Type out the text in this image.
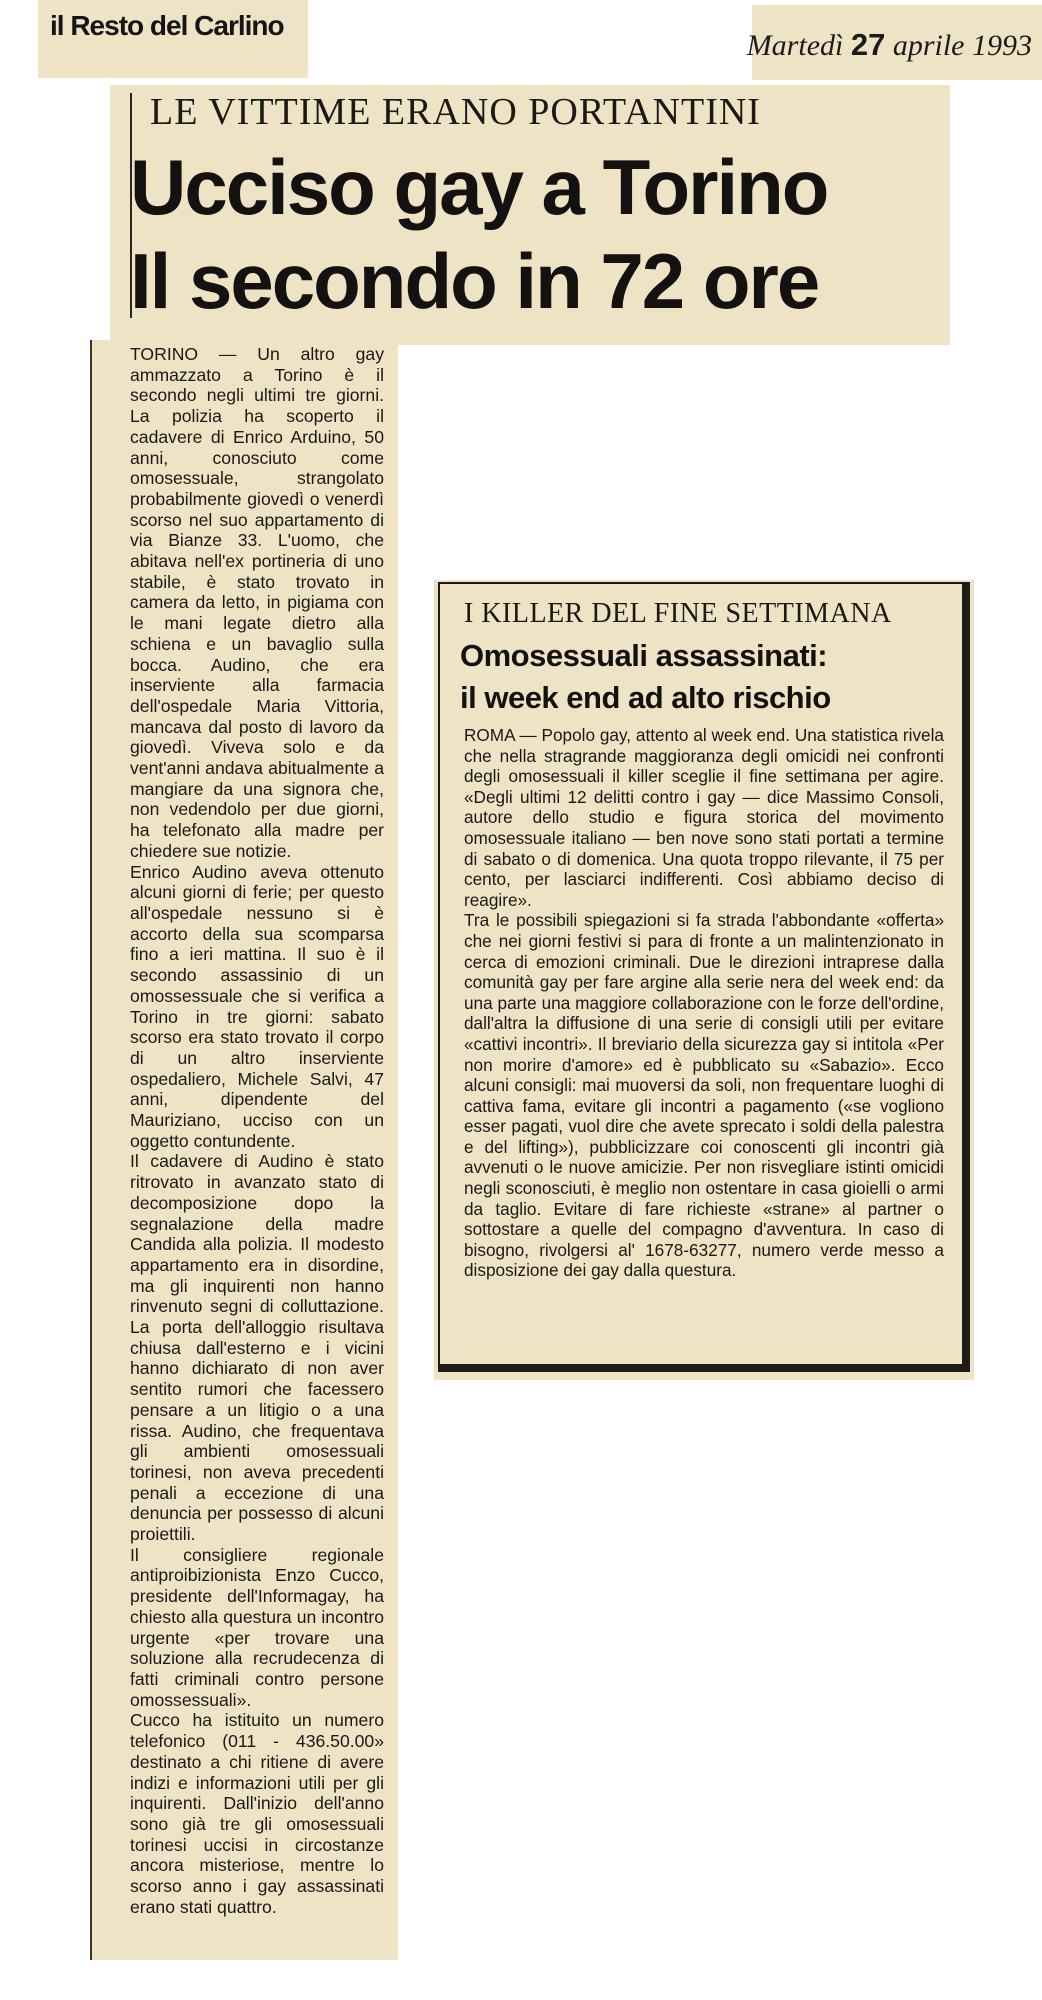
il Resto del Carlino
Martedì 27 aprile 1993
LE VITTIME ERANO PORTANTINI
Ucciso gay a Torino
Il secondo in 72 ore

TORINO — Un altro gay ammazzato a Torino è il secondo negli ultimi tre giorni. La polizia ha scoperto il cadavere di Enrico Arduino, 50 anni, conosciuto come omosessuale, strangolato probabilmente giovedì o venerdì scorso nel suo appartamento di via Bianze 33. L'uomo, che abitava nell'ex portineria di uno stabile, è stato trovato in camera da letto, in pigiama con le mani legate dietro alla schiena e un bavaglio sulla bocca. Audino, che era inserviente alla farmacia dell'ospedale Maria Vittoria, mancava dal posto di lavoro da giovedì. Viveva solo e da vent'anni andava abitualmente a mangiare da una signora che, non vedendolo per due giorni, ha telefonato alla madre per chiedere sue notizie.

Enrico Audino aveva ottenuto alcuni giorni di ferie; per questo all'ospedale nessuno si è accorto della sua scomparsa fino a ieri mattina. Il suo è il secondo assassinio di un omossessuale che si verifica a Torino in tre giorni: sabato scorso era stato trovato il corpo di un altro inserviente ospedaliero, Michele Salvi, 47 anni, dipendente del Mauriziano, ucciso con un oggetto contundente.

Il cadavere di Audino è stato ritrovato in avanzato stato di decomposizione dopo la segnalazione della madre Candida alla polizia. Il modesto appartamento era in disordine, ma gli inquirenti non hanno rinvenuto segni di colluttazione. La porta dell'alloggio risultava chiusa dall'esterno e i vicini hanno dichiarato di non aver sentito rumori che facessero pensare a un litigio o a una rissa. Audino, che frequentava gli ambienti omosessuali torinesi, non aveva precedenti penali a eccezione di una denuncia per possesso di alcuni proiettili.

Il consigliere regionale antiproibizionista Enzo Cucco, presidente dell'Informagay, ha chiesto alla questura un incontro urgente «per trovare una soluzione alla recrudecenza di fatti criminali contro persone omossessuali».

Cucco ha istituito un numero telefonico (011 - 436.50.00» destinato a chi ritiene di avere indizi e informazioni utili per gli inquirenti. Dall'inizio dell'anno sono già tre gli omosessuali torinesi uccisi in circostanze ancora misteriose, mentre lo scorso anno i gay assassinati erano stati quattro.

I KILLER DEL FINE SETTIMANA
Omosessuali assassinati:
il week end ad alto rischio

ROMA — Popolo gay, attento al week end. Una statistica rivela che nella stragrande maggioranza degli omicidi nei confronti degli omosessuali il killer sceglie il fine settimana per agire. «Degli ultimi 12 delitti contro i gay — dice Massimo Consoli, autore dello studio e figura storica del movimento omosessuale italiano — ben nove sono stati portati a termine di sabato o di domenica. Una quota troppo rilevante, il 75 per cento, per lasciarci indifferenti. Così abbiamo deciso di reagire».

Tra le possibili spiegazioni si fa strada l'abbondante «offerta» che nei giorni festivi si para di fronte a un malintenzionato in cerca di emozioni criminali. Due le direzioni intraprese dalla comunità gay per fare argine alla serie nera del week end: da una parte una maggiore collaborazione con le forze dell'ordine, dall'altra la diffusione di una serie di consigli utili per evitare «cattivi incontri». Il breviario della sicurezza gay si intitola «Per non morire d'amore» ed è pubblicato su «Sabazio». Ecco alcuni consigli: mai muoversi da soli, non frequentare luoghi di cattiva fama, evitare gli incontri a pagamento («se vogliono esser pagati, vuol dire che avete sprecato i soldi della palestra e del lifting»), pubblicizzare coi conoscenti gli incontri già avvenuti o le nuove amicizie. Per non risvegliare istinti omicidi negli sconosciuti, è meglio non ostentare in casa gioielli o armi da taglio. Evitare di fare richieste «strane» al partner o sottostare a quelle del compagno d'avventura. In caso di bisogno, rivolgersi al' 1678-63277, numero verde messo a disposizione dei gay dalla questura.
